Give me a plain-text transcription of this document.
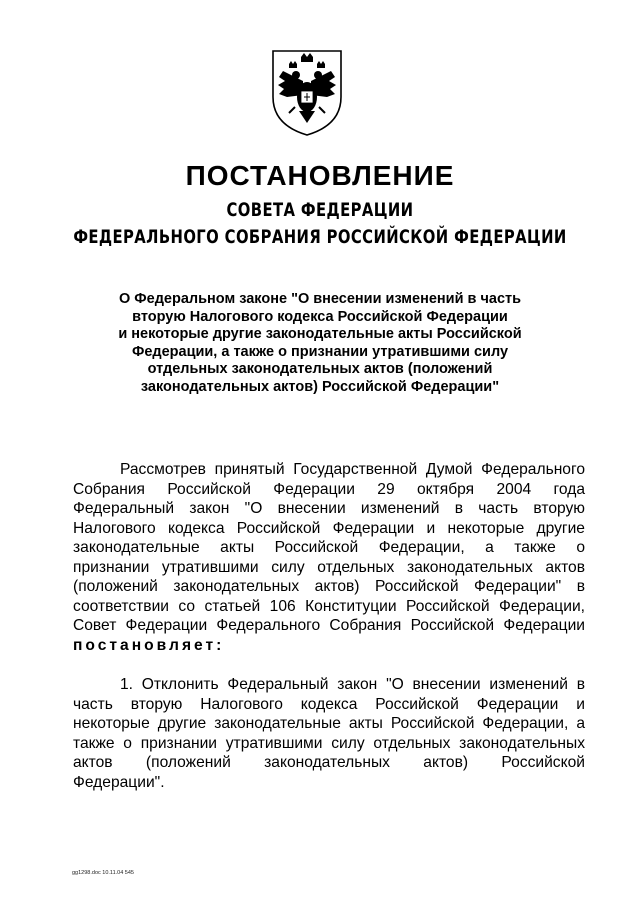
ПОСТАНОВЛЕНИЕ
СОВЕТА ФЕДЕРАЦИИ
ФЕДЕРАЛЬНОГО СОБРАНИЯ РОССИЙСКОЙ ФЕДЕРАЦИИ
О Федеральном законе "О внесении изменений в часть
вторую Налогового кодекса Российской Федерации
и некоторые другие законодательные акты Российской
Федерации, а также о признании утратившими силу
отдельных законодательных актов (положений
законодательных актов) Российской Федерации"
Рассмотрев принятый Государственной Думой Федерального
Собрания Российской Федерации 29 октября 2004 года
Федеральный закон "О внесении изменений в часть вторую
Налогового кодекса Российской Федерации и некоторые другие
законодательные акты Российской Федерации, а также о
признании утратившими силу отдельных законодательных актов
(положений законодательных актов) Российской Федерации" в
соответствии со статьей 106 Конституции Российской Федерации,
Совет Федерации Федерального Собрания Российской Федерации
постановляет:
1. Отклонить Федеральный закон "О внесении изменений в
часть вторую Налогового кодекса Российской Федерации и
некоторые другие законодательные акты Российской Федерации, а
также о признании утратившими силу отдельных законодательных
актов (положений законодательных актов) Российской
Федерации".
gg1298.doc 10.11.04 545
